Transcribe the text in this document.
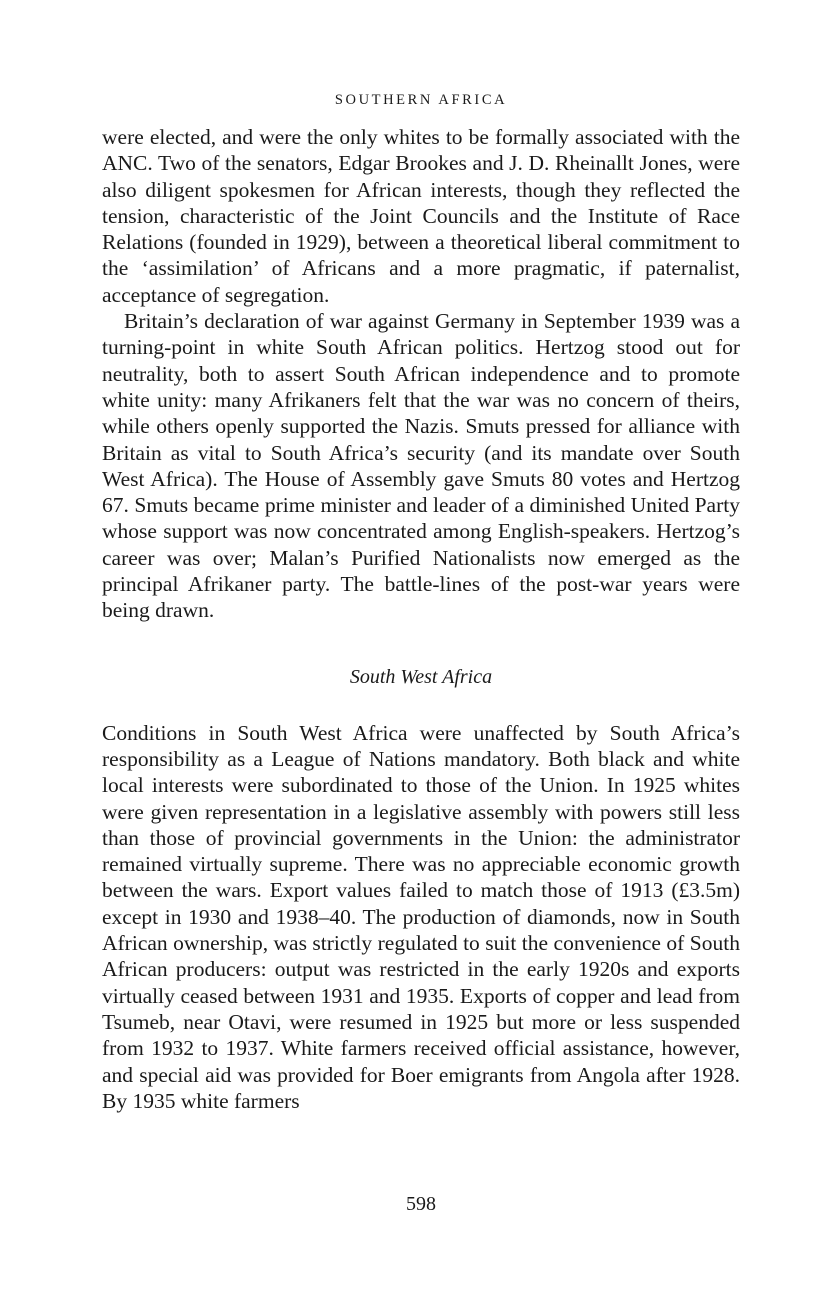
SOUTHERN AFRICA

were elected, and were the only whites to be formally associated with the ANC. Two of the senators, Edgar Brookes and J. D. Rheinallt Jones, were also diligent spokesmen for African interests, though they reflected the tension, characteristic of the Joint Councils and the Institute of Race Relations (founded in 1929), between a theoretical liberal commitment to the ‘assimilation’ of Africans and a more pragmatic, if paternalist, acceptance of segregation.

Britain’s declaration of war against Germany in September 1939 was a turning-point in white South African politics. Hertzog stood out for neutrality, both to assert South African independence and to promote white unity: many Afrikaners felt that the war was no concern of theirs, while others openly supported the Nazis. Smuts pressed for alliance with Britain as vital to South Africa’s security (and its mandate over South West Africa). The House of Assembly gave Smuts 80 votes and Hertzog 67. Smuts became prime minister and leader of a diminished United Party whose support was now concentrated among English-speakers. Hertzog’s career was over; Malan’s Purified Nationalists now emerged as the principal Afrikaner party. The battle-lines of the post-war years were being drawn.

South West Africa

Conditions in South West Africa were unaffected by South Africa’s responsibility as a League of Nations mandatory. Both black and white local interests were subordinated to those of the Union. In 1925 whites were given representation in a legislative assembly with powers still less than those of provincial governments in the Union: the administrator remained virtually supreme. There was no appreciable economic growth between the wars. Export values failed to match those of 1913 (£3.5m) except in 1930 and 1938–40. The production of diamonds, now in South African ownership, was strictly regulated to suit the convenience of South African producers: output was restricted in the early 1920s and exports virtually ceased between 1931 and 1935. Exports of copper and lead from Tsumeb, near Otavi, were resumed in 1925 but more or less suspended from 1932 to 1937. White farmers received official assistance, however, and special aid was provided for Boer emigrants from Angola after 1928. By 1935 white farmers

598
